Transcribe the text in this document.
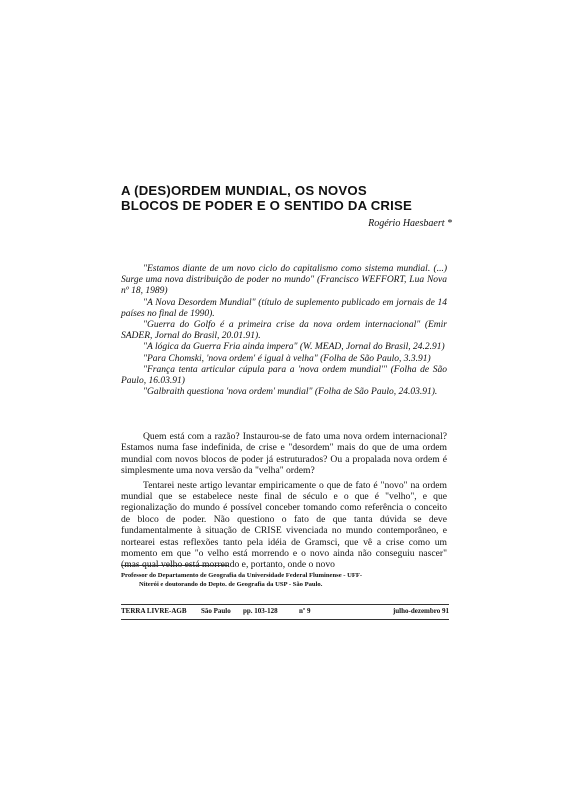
A (DES)ORDEM MUNDIAL, OS NOVOS
BLOCOS DE PODER E O SENTIDO DA CRISE
Rogério Haesbaert *

"Estamos diante de um novo ciclo do capitalismo como sistema mundial. (...) Surge uma nova distribuição de poder no mundo" (Francisco WEFFORT, Lua Nova nº 18, 1989)

"A Nova Desordem Mundial" (título de suplemento publicado em jornais de 14 países no final de 1990).

"Guerra do Golfo é a primeira crise da nova ordem internacional" (Emir SADER, Jornal do Brasil, 20.01.91).

"A lógica da Guerra Fria ainda impera" (W. MEAD, Jornal do Brasil, 24.2.91)

"Para Chomski, 'nova ordem' é igual à velha" (Folha de São Paulo, 3.3.91)

"França tenta articular cúpula para a 'nova ordem mundial'" (Folha de São Paulo, 16.03.91)

"Galbraith questiona 'nova ordem' mundial" (Folha de São Paulo, 24.03.91).

Quem está com a razão? Instaurou-se de fato uma nova ordem internacional? Estamos numa fase indefinida, de crise e "desordem" mais do que de uma ordem mundial com novos blocos de poder já estruturados? Ou a propalada nova ordem é simplesmente uma nova versão da "velha" ordem?

Tentarei neste artigo levantar empiricamente o que de fato é "novo" na ordem mundial que se estabelece neste final de século e o que é "velho", e que regionalização do mundo é possível conceber tomando como referência o conceito de bloco de poder. Não questiono o fato de que tanta dúvida se deve fundamentalmente à situação de CRISE vivenciada no mundo contemporâneo, e nortearei estas reflexões tanto pela idéia de Gramsci, que vê a crise como um momento em que "o velho está morrendo e o novo ainda não conseguiu nascer" (mas qual velho está morrendo e, portanto, onde o novo

Professor do Departamento de Geografia da Universidade Federal Fluminense - UFF-
Niterói e doutorando do Depto. de Geografia da USP - São Paulo.

TERRA LIVRE-AGB São Paulo pp. 103-128	nº 9	julho-dezembro 91
